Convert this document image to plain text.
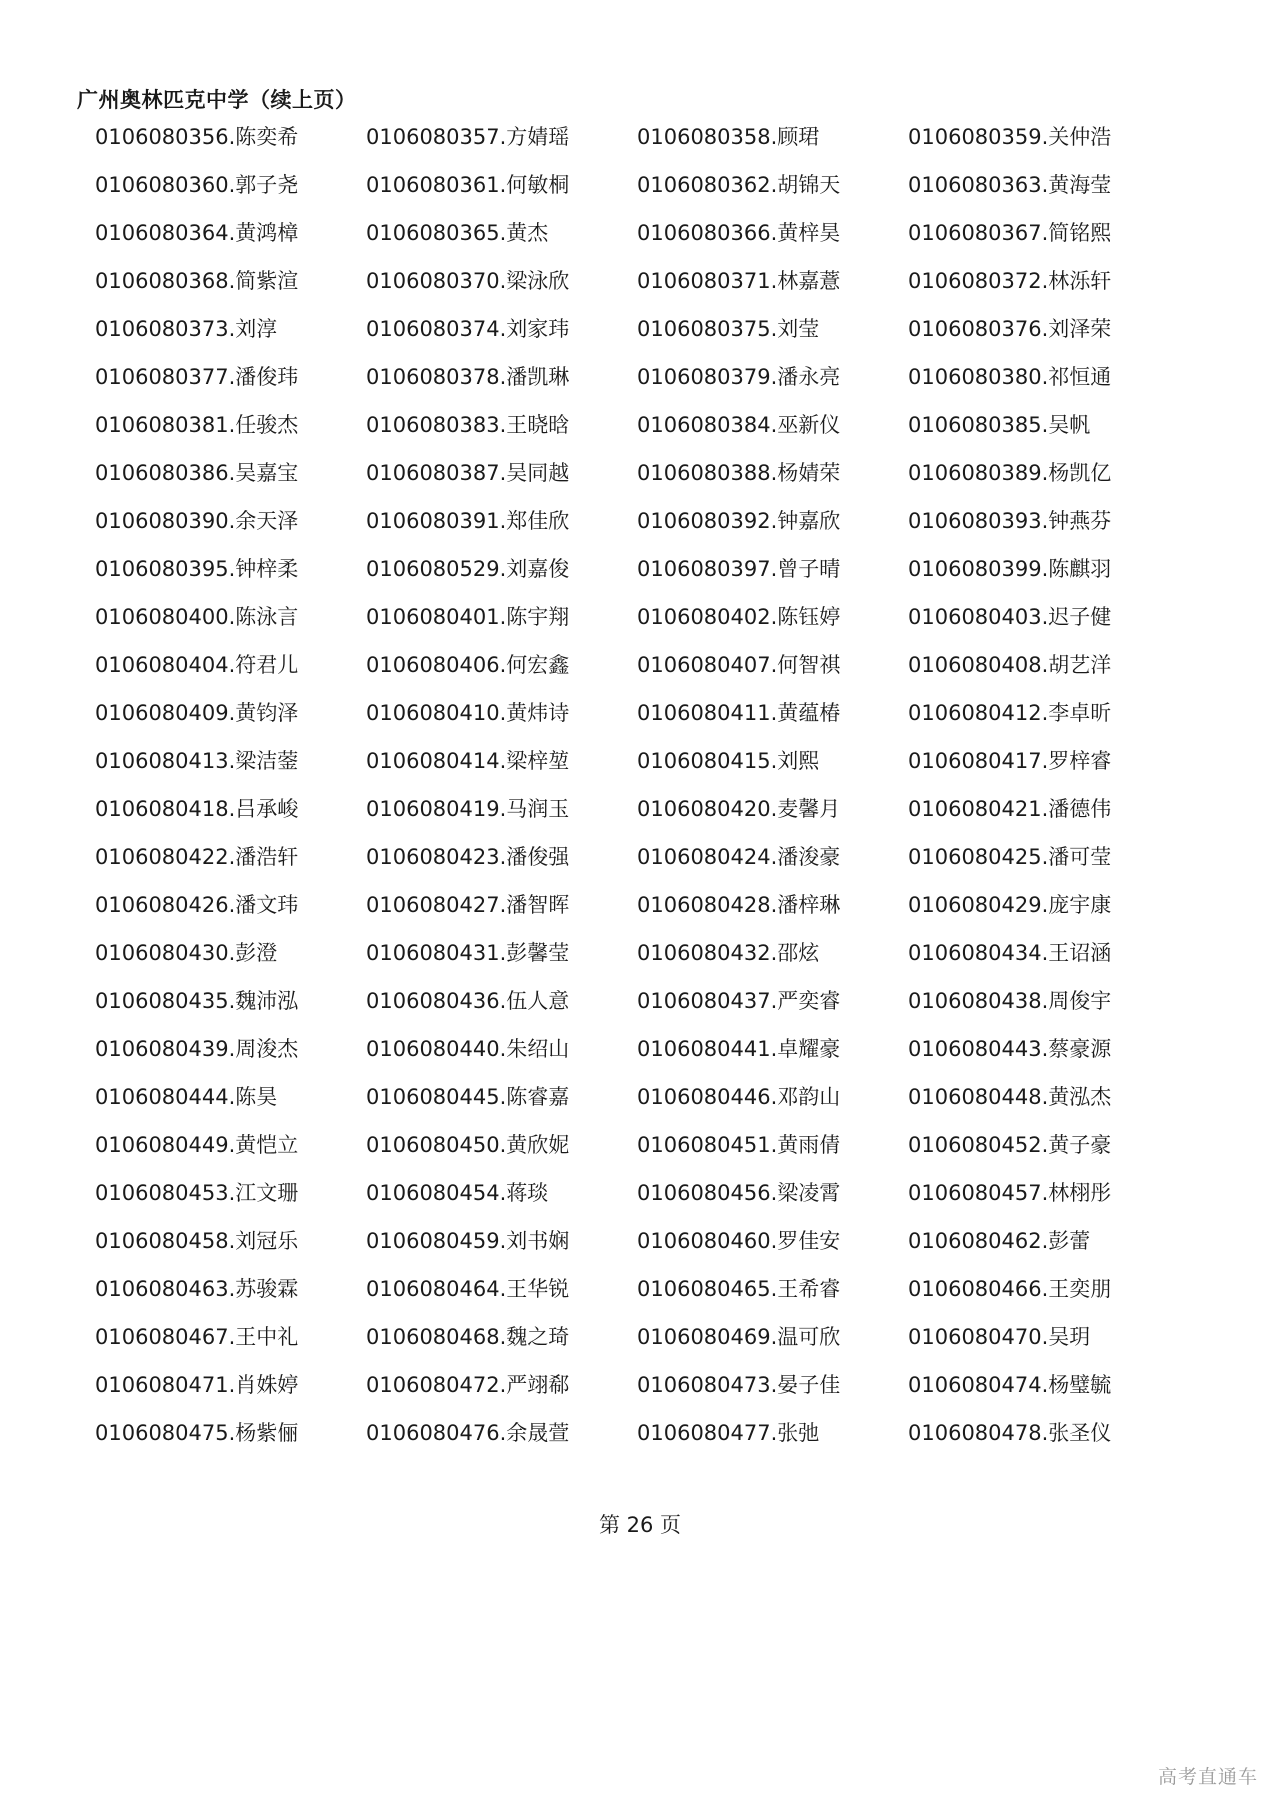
广州奥林匹克中学（续上页）
0106080356.陈奕希	0106080357.方婧瑶	0106080358.顾珺	0106080359.关仲浩
0106080360.郭子尧	0106080361.何敏桐	0106080362.胡锦天	0106080363.黄海莹
0106080364.黄鸿樟	0106080365.黄杰	0106080366.黄梓昊	0106080367.简铭熙
0106080368.简紫渲	0106080370.梁泳欣	0106080371.林嘉薏	0106080372.林泺轩
0106080373.刘淳	0106080374.刘家玮	0106080375.刘莹	0106080376.刘泽荣
0106080377.潘俊玮	0106080378.潘凯琳	0106080379.潘永亮	0106080380.祁恒通
0106080381.任骏杰	0106080383.王晓晗	0106080384.巫新仪	0106080385.吴帆
0106080386.吴嘉宝	0106080387.吴同越	0106080388.杨婧荣	0106080389.杨凯亿
0106080390.余天泽	0106080391.郑佳欣	0106080392.钟嘉欣	0106080393.钟燕芬
0106080395.钟梓柔	0106080529.刘嘉俊	0106080397.曾子晴	0106080399.陈麒羽
0106080400.陈泳言	0106080401.陈宇翔	0106080402.陈钰婷	0106080403.迟子健
0106080404.符君儿	0106080406.何宏鑫	0106080407.何智祺	0106080408.胡艺洋
0106080409.黄钧泽	0106080410.黄炜诗	0106080411.黄蕴椿	0106080412.李卓昕
0106080413.梁洁蓥	0106080414.梁梓堃	0106080415.刘熙	0106080417.罗梓睿
0106080418.吕承峻	0106080419.马润玉	0106080420.麦馨月	0106080421.潘德伟
0106080422.潘浩轩	0106080423.潘俊强	0106080424.潘浚豪	0106080425.潘可莹
0106080426.潘文玮	0106080427.潘智晖	0106080428.潘梓琳	0106080429.庞宇康
0106080430.彭澄	0106080431.彭馨莹	0106080432.邵炫	0106080434.王诏涵
0106080435.魏沛泓	0106080436.伍人意	0106080437.严奕睿	0106080438.周俊宇
0106080439.周浚杰	0106080440.朱绍山	0106080441.卓耀豪	0106080443.蔡豪源
0106080444.陈昊	0106080445.陈睿嘉	0106080446.邓韵山	0106080448.黄泓杰
0106080449.黄恺立	0106080450.黄欣妮	0106080451.黄雨倩	0106080452.黄子豪
0106080453.江文珊	0106080454.蒋琰	0106080456.梁凌霄	0106080457.林栩彤
0106080458.刘冠乐	0106080459.刘书娴	0106080460.罗佳安	0106080462.彭蕾
0106080463.苏骏霖	0106080464.王华锐	0106080465.王希睿	0106080466.王奕朋
0106080467.王中礼	0106080468.魏之琦	0106080469.温可欣	0106080470.吴玥
0106080471.肖姝婷	0106080472.严翊郗	0106080473.晏子佳	0106080474.杨璧毓
0106080475.杨紫俪	0106080476.余晟萱	0106080477.张弛	0106080478.张圣仪
第 26 页
高考直通车
